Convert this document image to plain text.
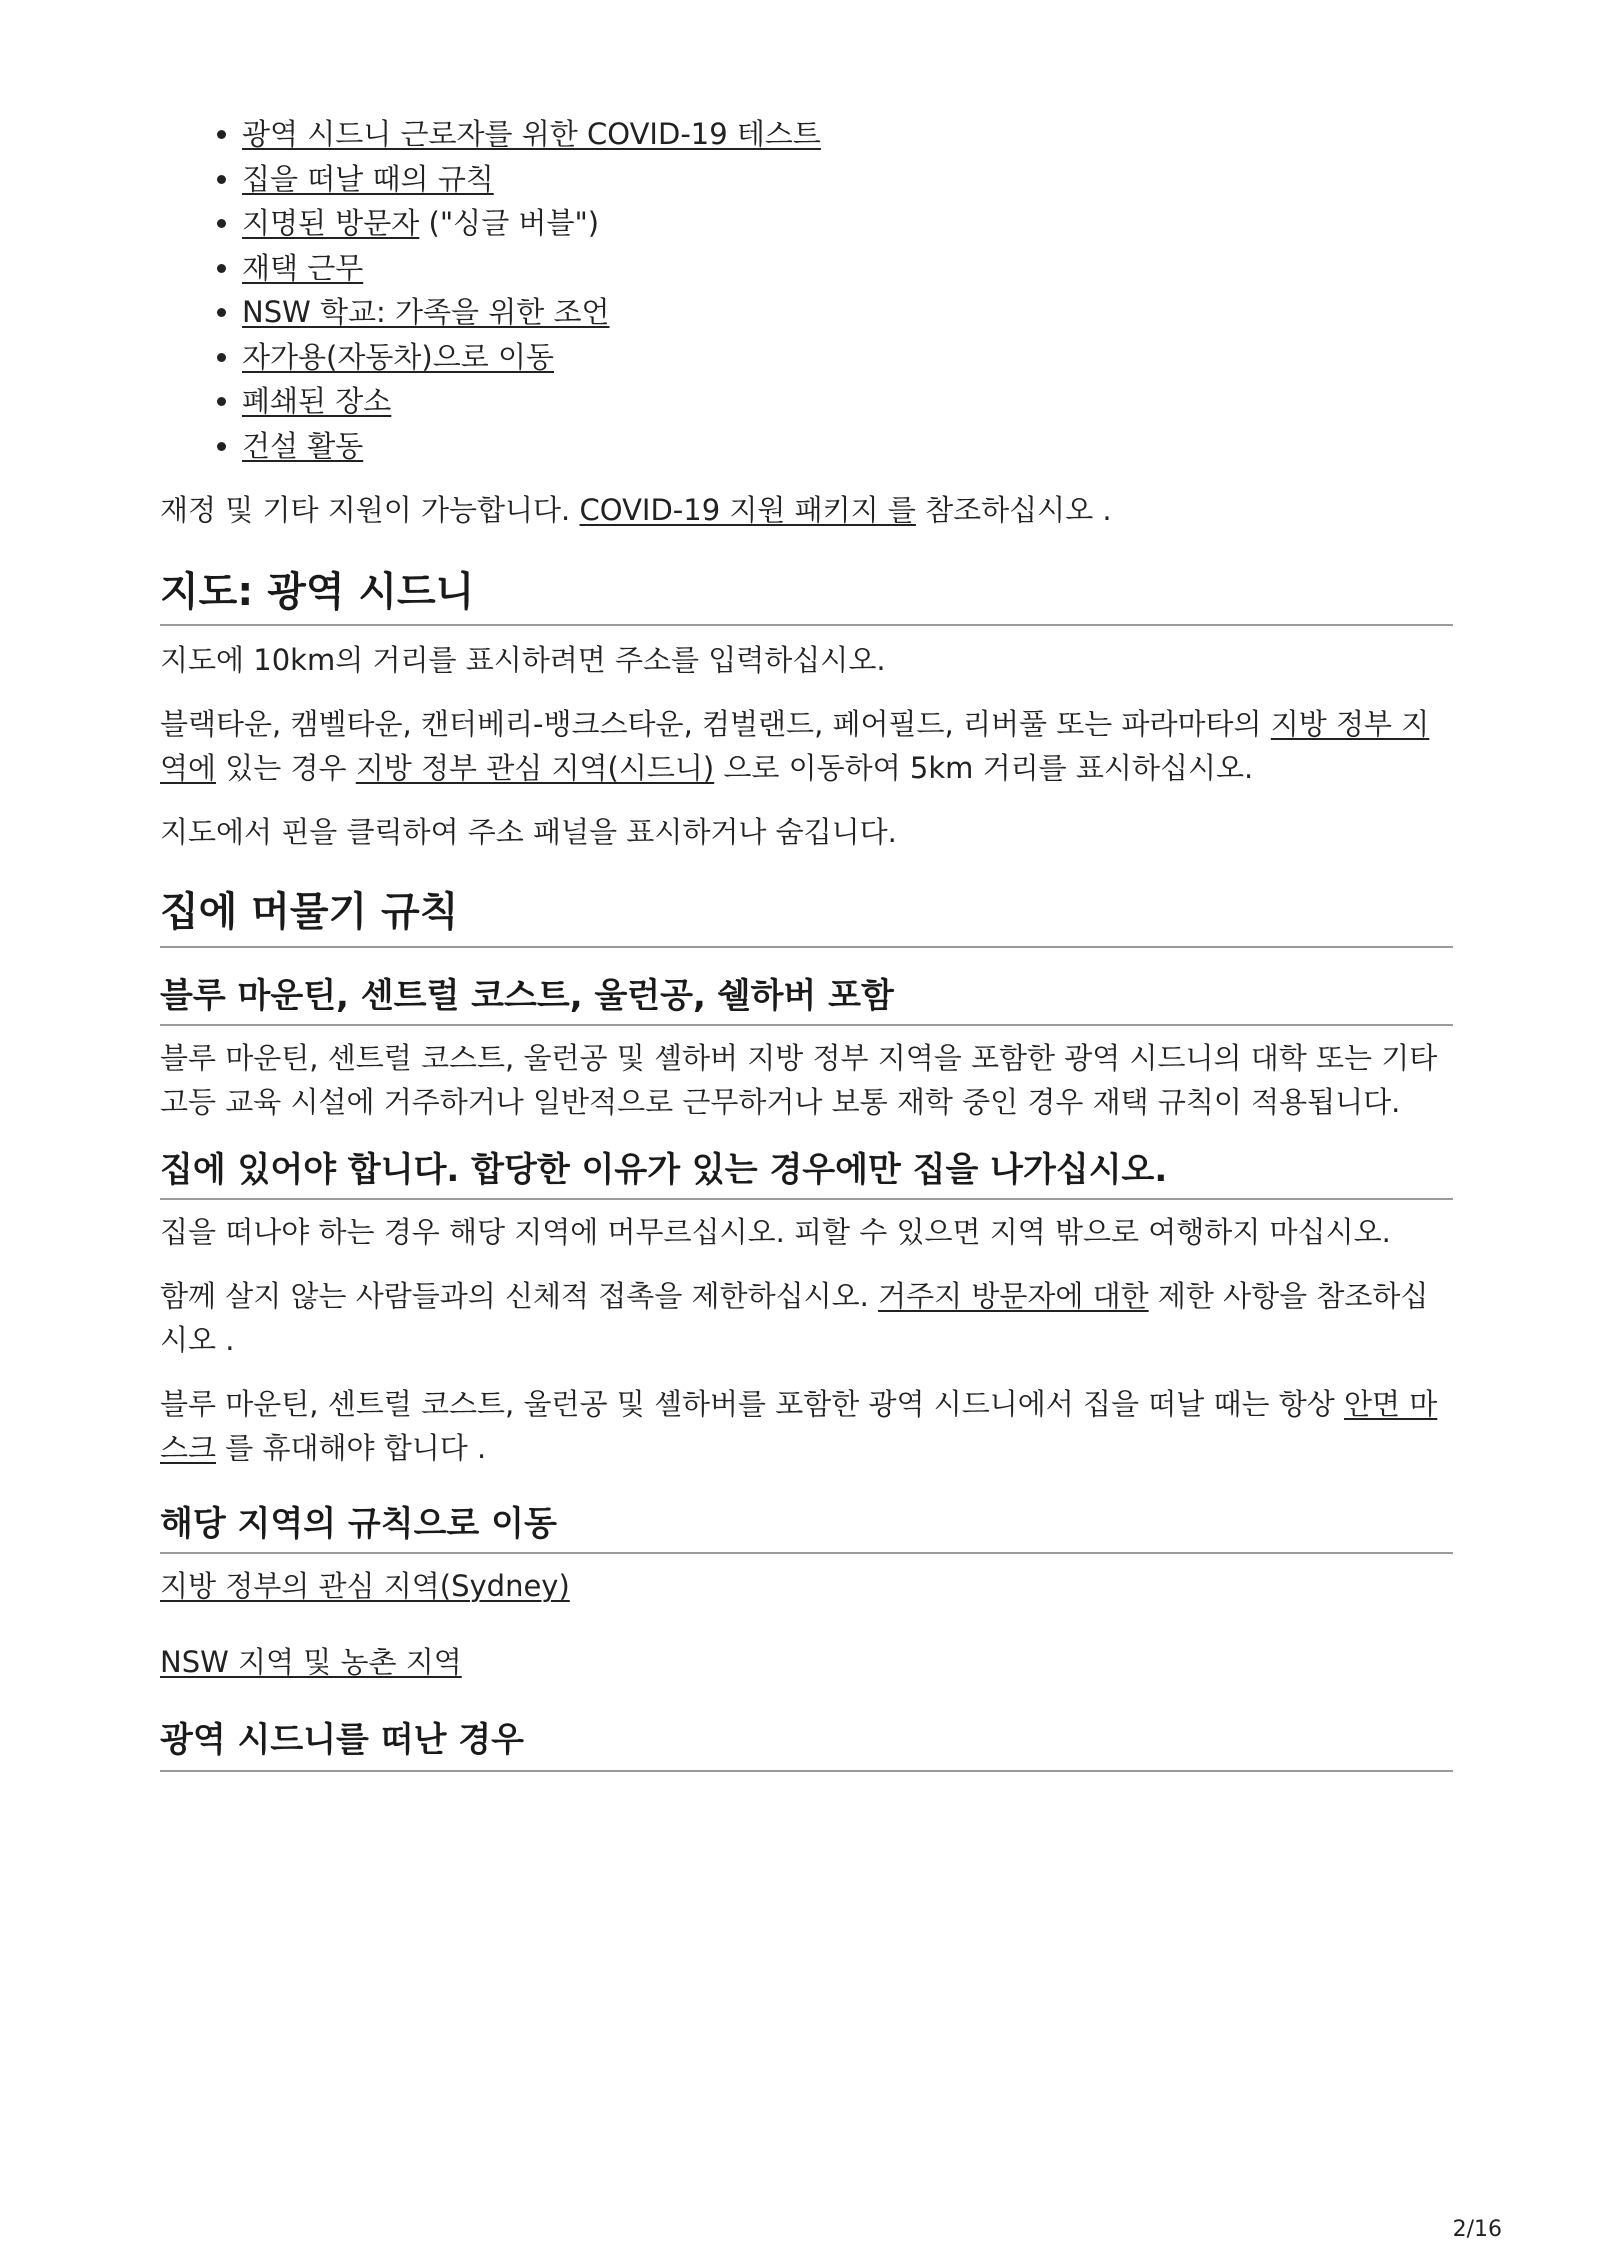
• 광역 시드니 근로자를 위한 COVID-19 테스트
• 집을 떠날 때의 규칙
• 지명된 방문자 ("싱글 버블")
• 재택 근무
• NSW 학교: 가족을 위한 조언
• 자가용(자동차)으로 이동
• 폐쇄된 장소
• 건설 활동

재정 및 기타 지원이 가능합니다. COVID-19 지원 패키지 를 참조하십시오 .

지도: 광역 시드니

지도에 10km의 거리를 표시하려면 주소를 입력하십시오.

블랙타운, 캠벨타운, 캔터베리-뱅크스타운, 컴벌랜드, 페어필드, 리버풀 또는 파라마타의 지방 정부 지역에 있는 경우 지방 정부 관심 지역(시드니) 으로 이동하여 5km 거리를 표시하십시오.

지도에서 핀을 클릭하여 주소 패널을 표시하거나 숨깁니다.

집에 머물기 규칙
블루 마운틴, 센트럴 코스트, 울런공, 쉘하버 포함

블루 마운틴, 센트럴 코스트, 울런공 및 셸하버 지방 정부 지역을 포함한 광역 시드니의 대학 또는 기타 고등 교육 시설에 거주하거나 일반적으로 근무하거나 보통 재학 중인 경우 재택 규칙이 적용됩니다.

집에 있어야 합니다. 합당한 이유가 있는 경우에만 집을 나가십시오.

집을 떠나야 하는 경우 해당 지역에 머무르십시오. 피할 수 있으면 지역 밖으로 여행하지 마십시오.

함께 살지 않는 사람들과의 신체적 접촉을 제한하십시오. 거주지 방문자에 대한 제한 사항을 참조하십시오 .

블루 마운틴, 센트럴 코스트, 울런공 및 셸하버를 포함한 광역 시드니에서 집을 떠날 때는 항상 안면 마스크 를 휴대해야 합니다 .

해당 지역의 규칙으로 이동

지방 정부의 관심 지역(Sydney)

NSW 지역 및 농촌 지역

광역 시드니를 떠난 경우
2/16
